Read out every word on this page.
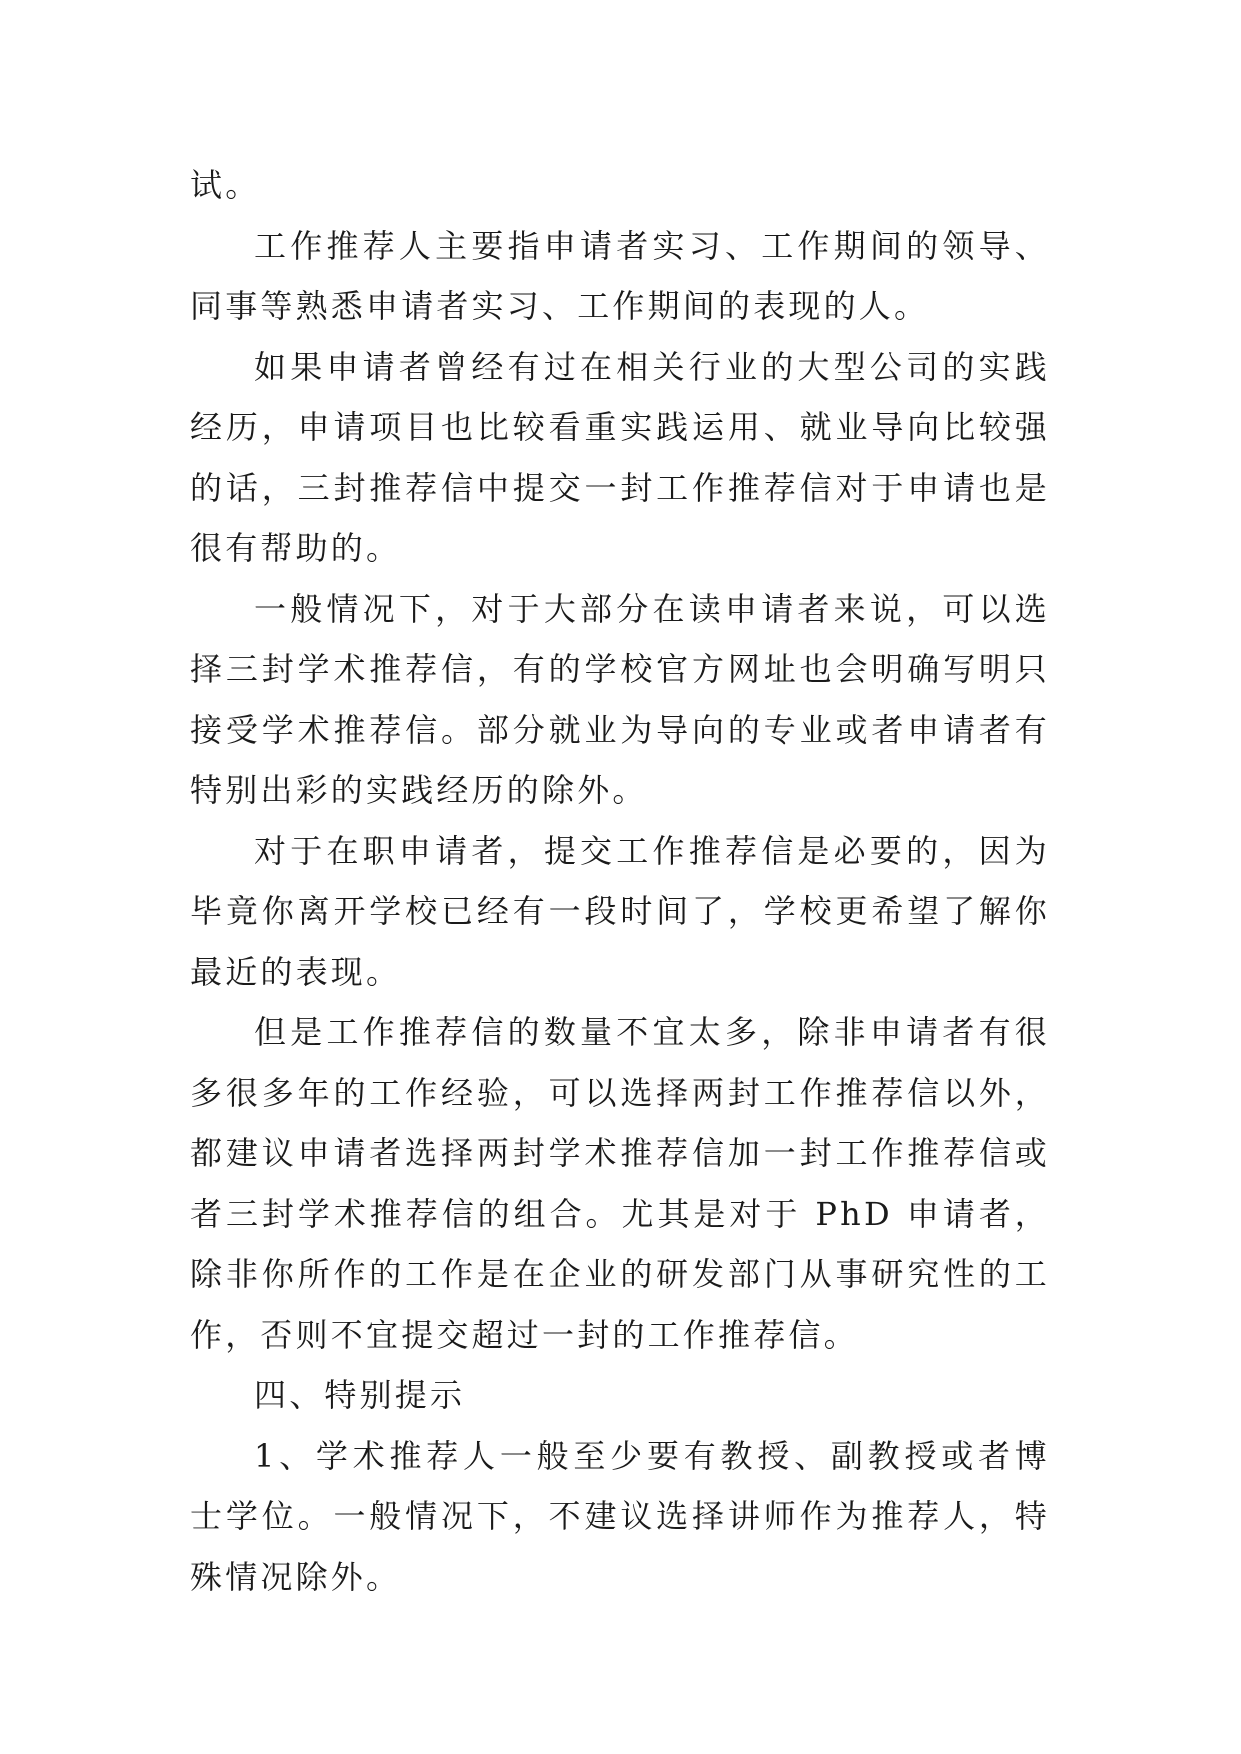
试。

工作推荐人主要指申请者实习、工作期间的领导、同事等熟悉申请者实习、工作期间的表现的人。

如果申请者曾经有过在相关行业的大型公司的实践经历，申请项目也比较看重实践运用、就业导向比较强的话，三封推荐信中提交一封工作推荐信对于申请也是很有帮助的。

一般情况下，对于大部分在读申请者来说，可以选择三封学术推荐信，有的学校官方网址也会明确写明只接受学术推荐信。部分就业为导向的专业或者申请者有特别出彩的实践经历的除外。

对于在职申请者，提交工作推荐信是必要的，因为毕竟你离开学校已经有一段时间了，学校更希望了解你最近的表现。

但是工作推荐信的数量不宜太多，除非申请者有很多很多年的工作经验，可以选择两封工作推荐信以外，都建议申请者选择两封学术推荐信加一封工作推荐信或者三封学术推荐信的组合。尤其是对于 PhD 申请者，除非你所作的工作是在企业的研发部门从事研究性的工作，否则不宜提交超过一封的工作推荐信。

四、特别提示

1、学术推荐人一般至少要有教授、副教授或者博士学位。一般情况下，不建议选择讲师作为推荐人，特殊情况除外。
